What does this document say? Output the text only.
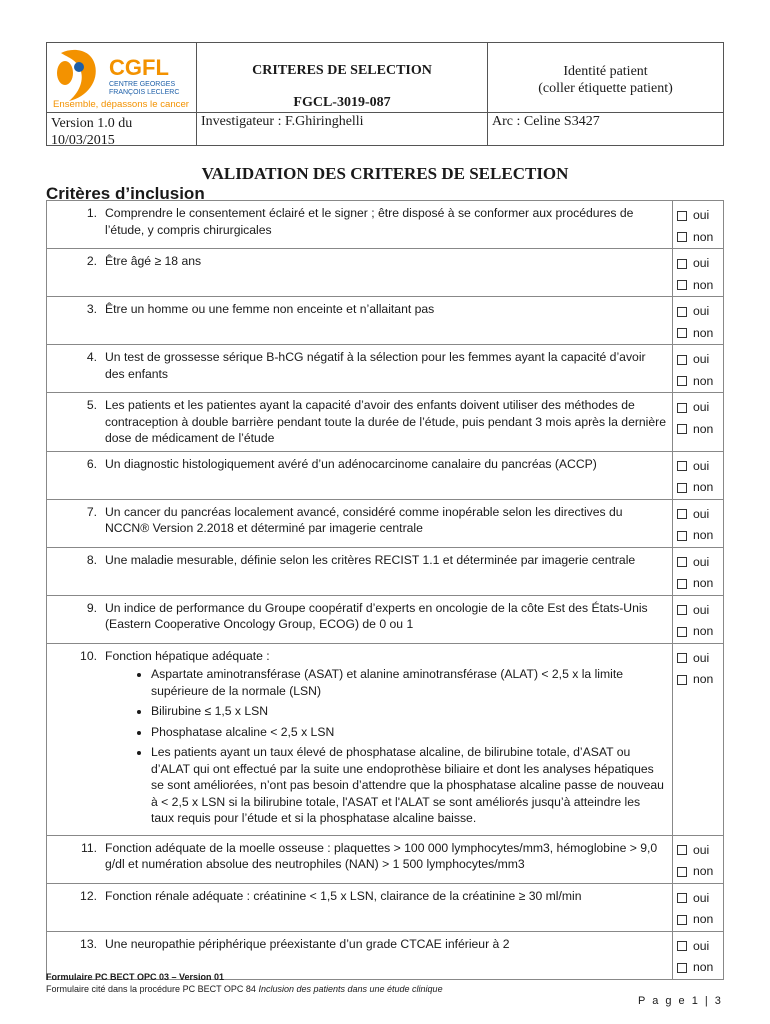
CGFL
CENTRE GEORGES
FRANÇOIS LECLERC
Ensemble, dépassons le cancer
CRITERES DE SELECTION
FGCL-3019-087
Identité patient
(coller étiquette patient)
Version 1.0 du
10/03/2015
Investigateur : F.Ghiringhelli	Arc : Celine S3427
VALIDATION DES CRITERES DE SELECTION
Critères d’inclusion
1. Comprendre le consentement éclairé et le signer ; être disposé à se conformer aux procédures de l’étude, y compris chirurgicales
oui
non
2. Être âgé ≥ 18 ans	oui
non
3. Être un homme ou une femme non enceinte et n’allaitant pas	oui
non
4. Un test de grossesse sérique B-hCG négatif à la sélection pour les femmes ayant la capacité d’avoir des enfants
oui
non
5. Les patients et les patientes ayant la capacité d’avoir des enfants doivent utiliser des méthodes de contraception à double barrière pendant toute la durée de l’étude, puis pendant 3 mois après la dernière dose de médicament de l’étude
oui
non
6. Un diagnostic histologiquement avéré d’un adénocarcinome canalaire du pancréas (ACCP)	oui
non
7. Un cancer du pancréas localement avancé, considéré comme inopérable selon les directives du NCCN® Version 2.2018 et déterminé par imagerie centrale
oui
non
8. Une maladie mesurable, définie selon les critères RECIST 1.1 et déterminée par imagerie centrale	oui
non
9. Un indice de performance du Groupe coopératif d’experts en oncologie de la côte Est des États-Unis (Eastern Cooperative Oncology Group, ECOG) de 0 ou 1
oui
non
10. Fonction hépatique adéquate :
• Aspartate aminotransférase (ASAT) et alanine aminotransférase (ALAT) < 2,5 x la limite supérieure de la normale (LSN)
• Bilirubine ≤ 1,5 x LSN
• Phosphatase alcaline < 2,5 x LSN
• Les patients ayant un taux élevé de phosphatase alcaline, de bilirubine totale, d’ASAT ou d’ALAT qui ont effectué par la suite une endoprothèse biliaire et dont les analyses hépatiques se sont améliorées, n’ont pas besoin d’attendre que la phosphatase alcaline passe de nouveau à < 2,5 x LSN si la bilirubine totale, l'ASAT et l'ALAT se sont améliorés jusqu’à atteindre les taux requis pour l’étude et si la phosphatase alcaline baisse.
oui
non
11. Fonction adéquate de la moelle osseuse : plaquettes > 100 000 lymphocytes/mm3, hémoglobine > 9,0 g/dl et numération absolue des neutrophiles (NAN) > 1 500 lymphocytes/mm3
oui
non
12. Fonction rénale adéquate : créatinine < 1,5 x LSN, clairance de la créatinine ≥ 30 ml/min	oui
non
13. Une neuropathie périphérique préexistante d’un grade CTCAE inférieur à 2	oui
non
Formulaire PC BECT OPC 03 – Version 01
Formulaire cité dans la procédure PC BECT OPC 84 Inclusion des patients dans une étude clinique
P a g e 1 | 3
